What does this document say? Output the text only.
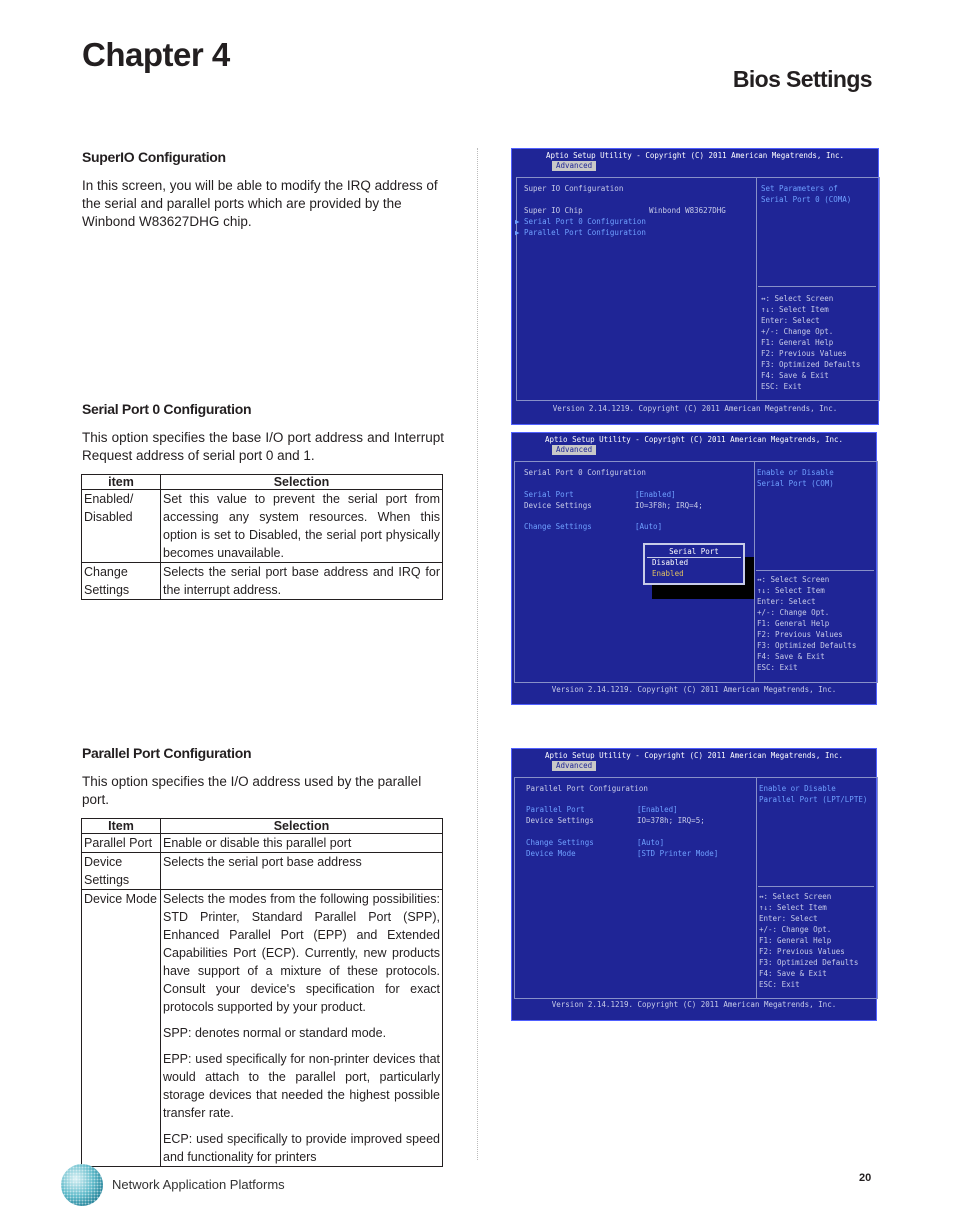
Chapter 4
Bios Settings
SuperIO Configuration

In this screen, you will be able to modify the IRQ address of the serial and parallel ports which are provided by the Winbond W83627DHG chip.

Serial Port 0 Configuration

This option specifies the base I/O port address and Interrupt Request address of serial port 0 and 1.

item	Selection
Enabled/ Disabled	Set this value to prevent the serial port from accessing any system resources. When this option is set to Disabled, the serial port physically becomes unavailable.
Change Settings	Selects the serial port base address and IRQ for the interrupt address.
Parallel Port Configuration

This option specifies the I/O address used by the parallel port.

Item	Selection
Parallel Port	Enable or disable this parallel port
Device Settings	Selects the serial port base address
Device Mode	Selects the modes from the following possibilities: STD Printer, Standard Parallel Port (SPP), Enhanced Parallel Port (EPP) and Extended Capabilities Port (ECP). Currently, new products have support of a mixture of these protocols. Consult your device's specification for exact protocols supported by your product.

SPP: denotes normal or standard mode.

EPP: used specifically for non-printer devices that would attach to the parallel port, particularly storage devices that needed the highest possible transfer rate.

ECP: used specifically to provide improved speed and functionality for printers

Aptio Setup Utility - Copyright (C) 2011 American Megatrends, Inc.
Advanced
Super IO Configuration
Super IO Chip	Winbond W83627DHG
▶ Serial Port 0 Configuration
▶ Parallel Port Configuration
Set Parameters of
Serial Port 0 (COMA)
↔: Select Screen
↑↓: Select Item
Enter: Select
+/-: Change Opt.
F1: General Help
F2: Previous Values
F3: Optimized Defaults
F4: Save & Exit
ESC: Exit
Version 2.14.1219. Copyright (C) 2011 American Megatrends, Inc.
Aptio Setup Utility - Copyright (C) 2011 American Megatrends, Inc.
Advanced
Serial Port 0 Configuration
Serial Port	[Enabled]
Device Settings	IO=3F8h; IRQ=4;
Change Settings	[Auto]
Enable or Disable
Serial Port (COM)
Serial Port
Disabled
Enabled
↔: Select Screen
↑↓: Select Item
Enter: Select
+/-: Change Opt.
F1: General Help
F2: Previous Values
F3: Optimized Defaults
F4: Save & Exit
ESC: Exit
Version 2.14.1219. Copyright (C) 2011 American Megatrends, Inc.
Aptio Setup Utility - Copyright (C) 2011 American Megatrends, Inc.
Advanced
Parallel Port Configuration
Parallel Port	[Enabled]
Device Settings	IO=378h; IRQ=5;
Change Settings	[Auto]
Device Mode	[STD Printer Mode]
Enable or Disable
Parallel Port (LPT/LPTE)
↔: Select Screen
↑↓: Select Item
Enter: Select
+/-: Change Opt.
F1: General Help
F2: Previous Values
F3: Optimized Defaults
F4: Save & Exit
ESC: Exit
Version 2.14.1219. Copyright (C) 2011 American Megatrends, Inc.
Network Application Platforms	20
